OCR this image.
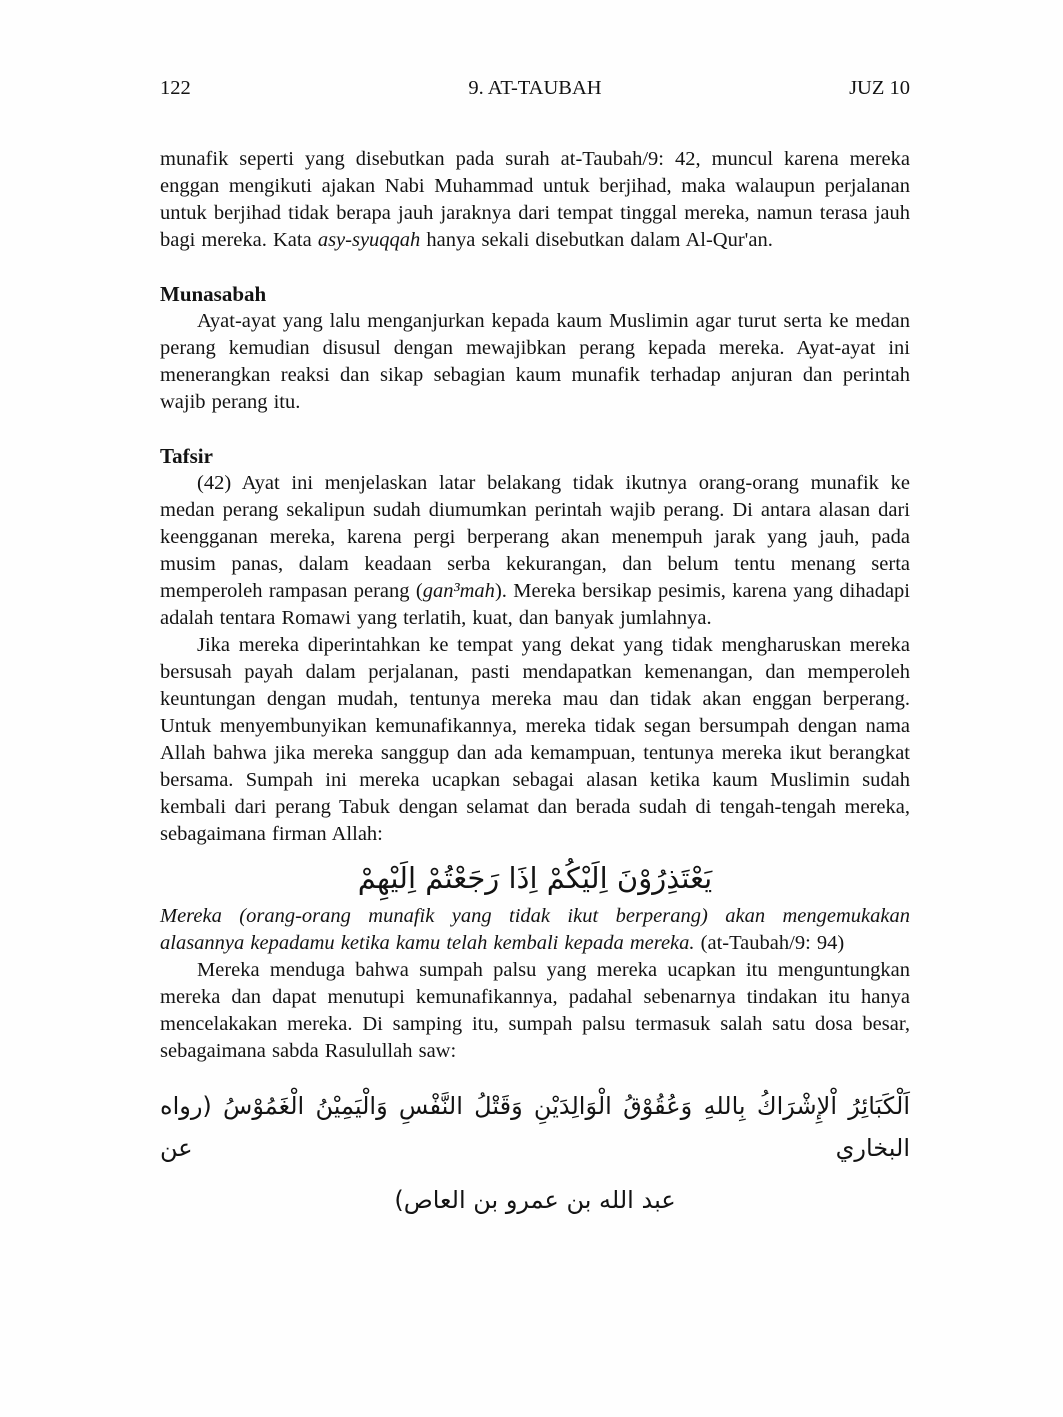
122	9. AT-TAUBAH	JUZ 10

munafik seperti yang disebutkan pada surah at-Taubah/9: 42, muncul karena mereka enggan mengikuti ajakan Nabi Muhammad untuk berjihad, maka walaupun perjalanan untuk berjihad tidak berapa jauh jaraknya dari tempat tinggal mereka, namun terasa jauh bagi mereka. Kata asy-syuqqah hanya sekali disebutkan dalam Al-Qur'an.

Munasabah

Ayat-ayat yang lalu menganjurkan kepada kaum Muslimin agar turut serta ke medan perang kemudian disusul dengan mewajibkan perang kepada mereka. Ayat-ayat ini menerangkan reaksi dan sikap sebagian kaum munafik terhadap anjuran dan perintah wajib perang itu.

Tafsir

(42) Ayat ini menjelaskan latar belakang tidak ikutnya orang-orang munafik ke medan perang sekalipun sudah diumumkan perintah wajib perang. Di antara alasan dari keengganan mereka, karena pergi berperang akan menempuh jarak yang jauh, pada musim panas, dalam keadaan serba kekurangan, dan belum tentu menang serta memperoleh rampasan perang (gan³mah). Mereka bersikap pesimis, karena yang dihadapi adalah tentara Romawi yang terlatih, kuat, dan banyak jumlahnya.

Jika mereka diperintahkan ke tempat yang dekat yang tidak mengharuskan mereka bersusah payah dalam perjalanan, pasti mendapatkan kemenangan, dan memperoleh keuntungan dengan mudah, tentunya mereka mau dan tidak akan enggan berperang. Untuk menyembunyikan kemunafikannya, mereka tidak segan bersumpah dengan nama Allah bahwa jika mereka sanggup dan ada kemampuan, tentunya mereka ikut berangkat bersama. Sumpah ini mereka ucapkan sebagai alasan ketika kaum Muslimin sudah kembali dari perang Tabuk dengan selamat dan berada sudah di tengah-tengah mereka, sebagaimana firman Allah:

يَعْتَذِرُوْنَ اِلَيْكُمْ اِذَا رَجَعْتُمْ اِلَيْهِمْ

Mereka (orang-orang munafik yang tidak ikut berperang) akan mengemukakan alasannya kepadamu ketika kamu telah kembali kepada mereka. (at-Taubah/9: 94)

Mereka menduga bahwa sumpah palsu yang mereka ucapkan itu menguntungkan mereka dan dapat menutupi kemunafikannya, padahal sebenarnya tindakan itu hanya mencelakakan mereka. Di samping itu, sumpah palsu termasuk salah satu dosa besar, sebagaimana sabda Rasulullah saw:

اَلْكَبَائِرُ اْلإِشْرَاكُ بِاللهِ وَعُقُوْقُ الْوَالِدَيْنِ وَقَتْلُ النَّفْسِ وَالْيَمِيْنُ الْغَمُوْسُ (رواه البخاري عن
عبد الله بن عمرو بن العاص)
